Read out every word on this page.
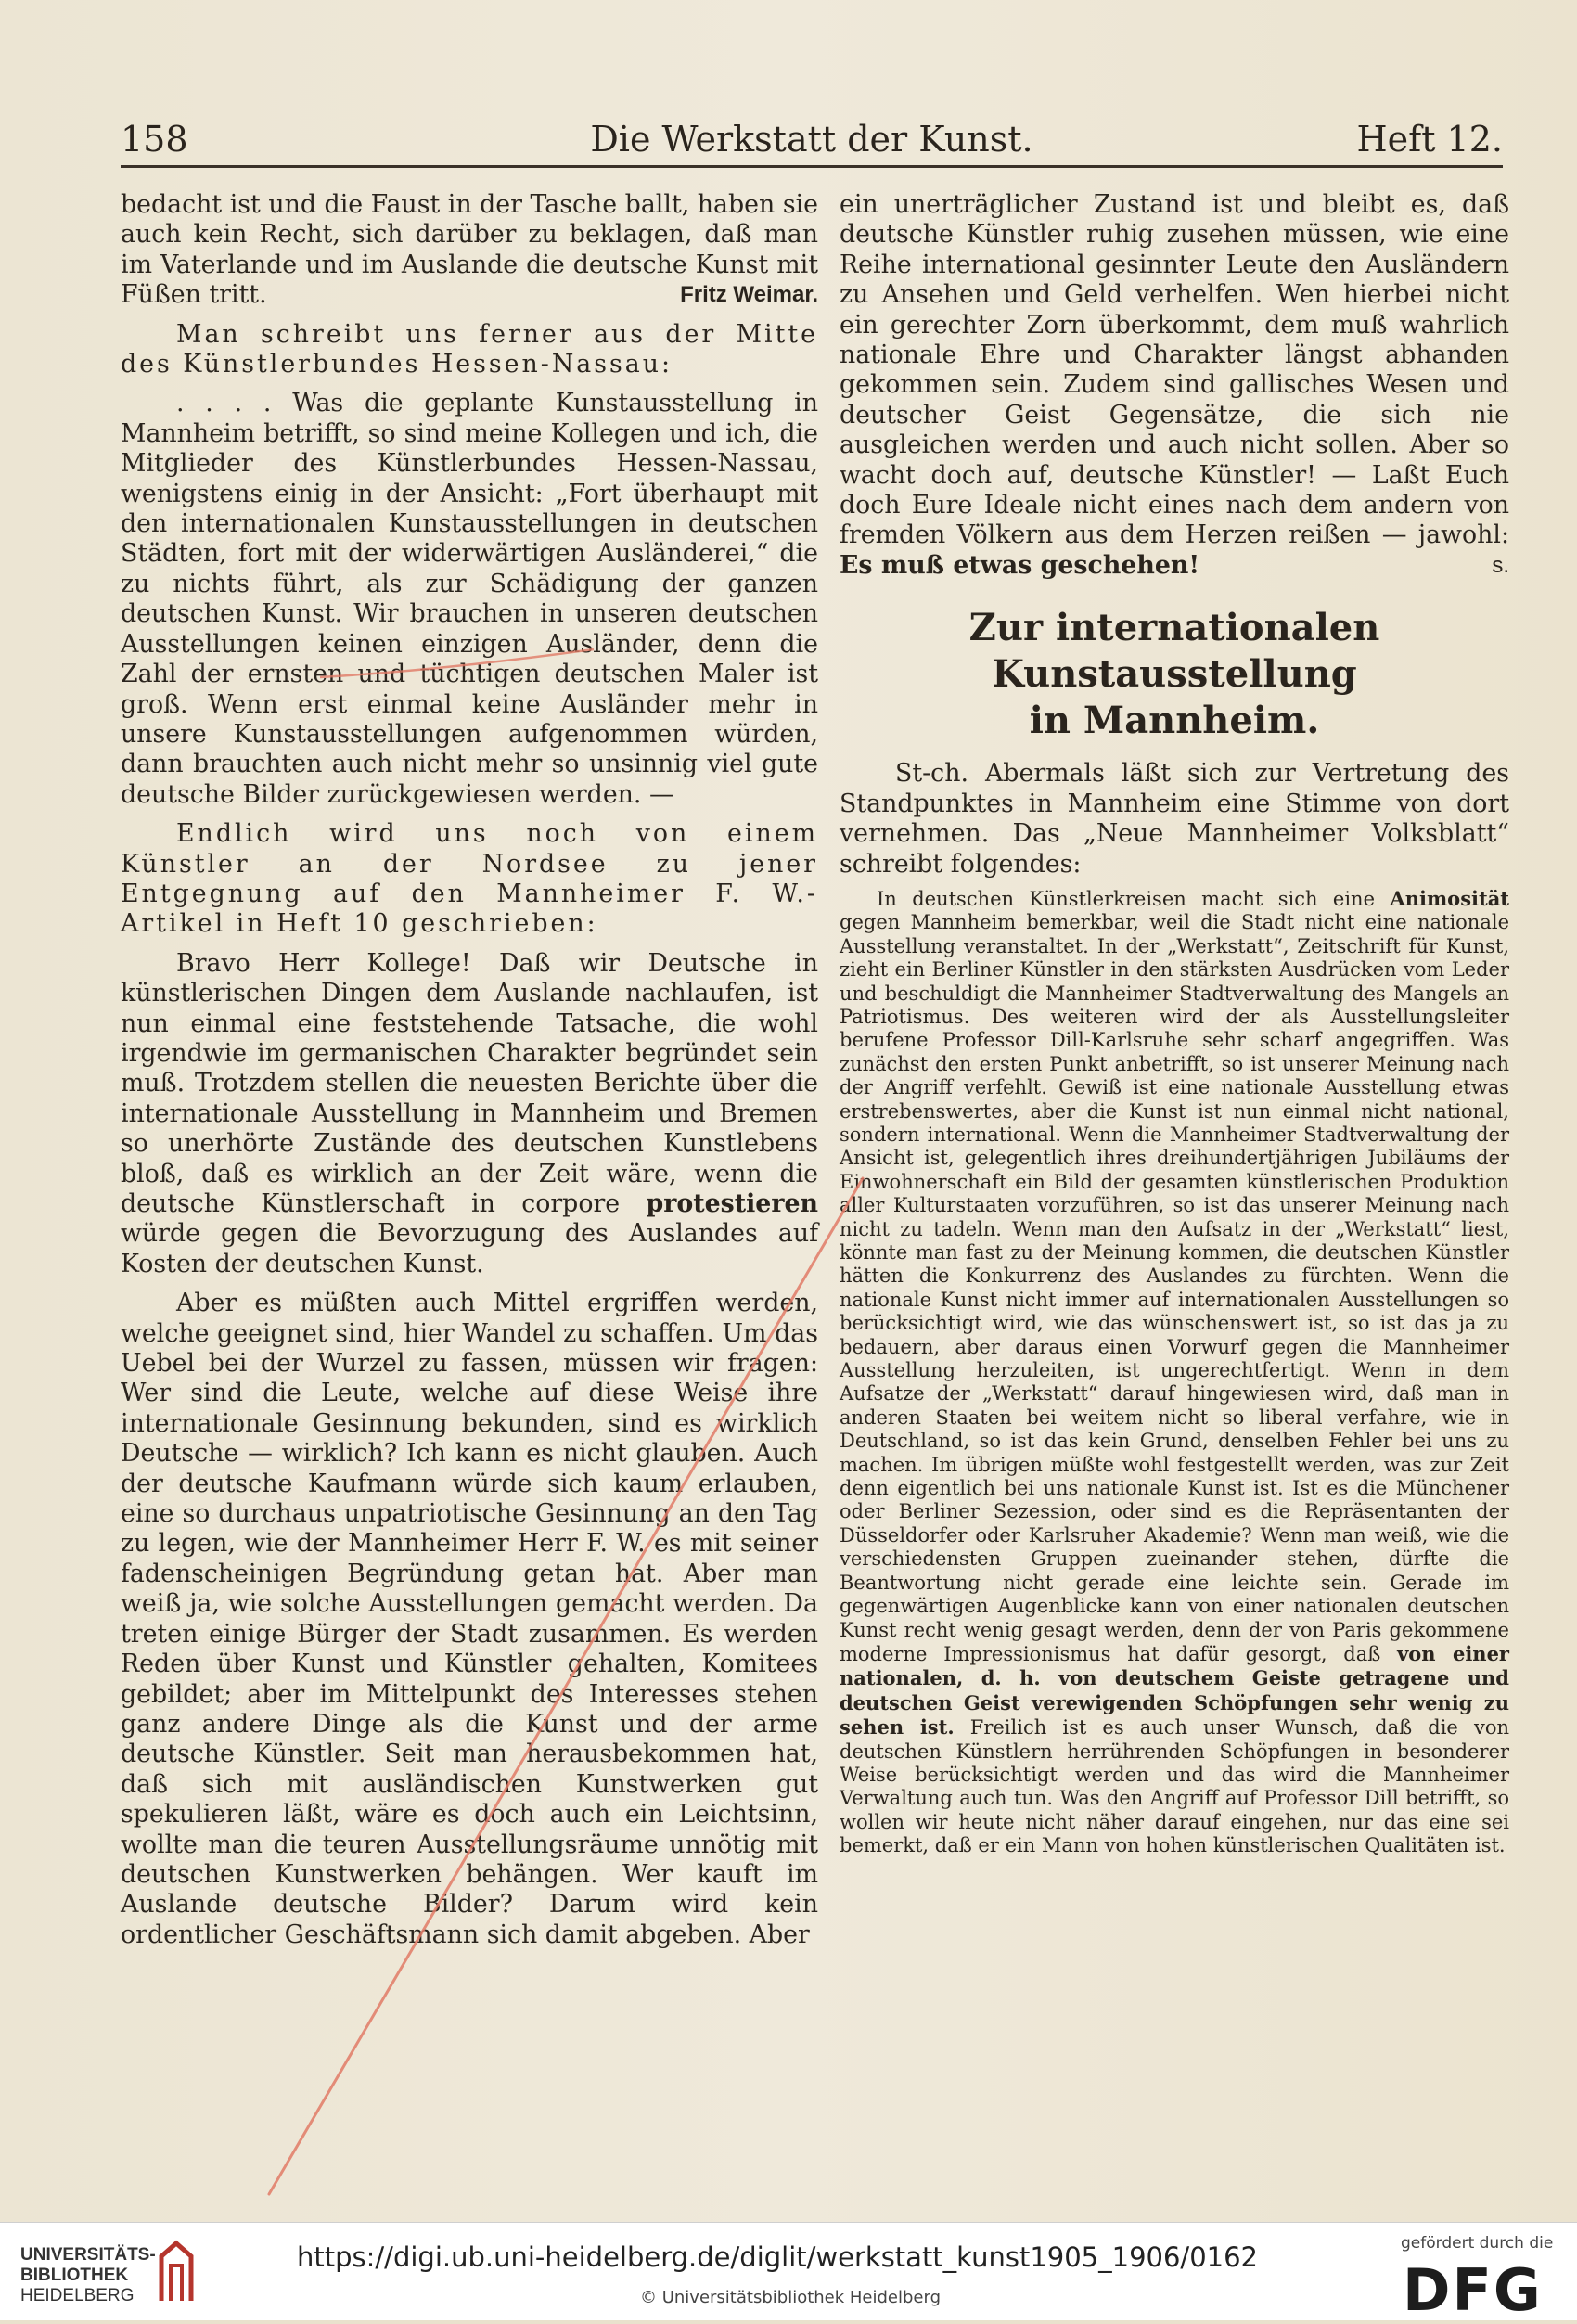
158	Die Werkstatt der Kunst.	Heft 12.

bedacht ist und die Faust in der Tasche ballt, haben sie auch kein Recht, sich darüber zu beklagen, daß man im Vaterlande und im Auslande die deutsche Kunst mit Füßen tritt.	Fritz Weimar.

Man schreibt uns ferner aus der Mitte des Künstlerbundes Hessen-Nassau:

. . . . Was die geplante Kunstausstellung in Mannheim betrifft, so sind meine Kollegen und ich, die Mitglieder des Künstlerbundes Hessen-Nassau, wenigstens einig in der Ansicht: „Fort überhaupt mit den internationalen Kunstausstellungen in deutschen Städten, fort mit der widerwärtigen Ausländerei,“ die zu nichts führt, als zur Schädigung der ganzen deutschen Kunst. Wir brauchen in unseren deutschen Ausstellungen keinen einzigen Ausländer, denn die Zahl der ernsten und tüchtigen deutschen Maler ist groß. Wenn erst einmal keine Ausländer mehr in unsere Kunstausstellungen aufgenommen würden, dann brauchten auch nicht mehr so unsinnig viel gute deutsche Bilder zurückgewiesen werden. —

Endlich wird uns noch von einem Künstler an der Nordsee zu jener Entgegnung auf den Mannheimer F. W.-Artikel in Heft 10 geschrieben:

Bravo Herr Kollege! Daß wir Deutsche in künstlerischen Dingen dem Auslande nachlaufen, ist nun einmal eine feststehende Tatsache, die wohl irgendwie im germanischen Charakter begründet sein muß. Trotzdem stellen die neuesten Berichte über die internationale Ausstellung in Mannheim und Bremen so unerhörte Zustände des deutschen Kunstlebens bloß, daß es wirklich an der Zeit wäre, wenn die deutsche Künstlerschaft in corpore protestieren würde gegen die Bevorzugung des Auslandes auf Kosten der deutschen Kunst.

Aber es müßten auch Mittel ergriffen werden, welche geeignet sind, hier Wandel zu schaffen. Um das Uebel bei der Wurzel zu fassen, müssen wir fragen: Wer sind die Leute, welche auf diese Weise ihre internationale Gesinnung bekunden, sind es wirklich Deutsche — wirklich? Ich kann es nicht glauben. Auch der deutsche Kaufmann würde sich kaum erlauben, eine so durchaus unpatriotische Gesinnung an den Tag zu legen, wie der Mannheimer Herr F. W. es mit seiner fadenscheinigen Begründung getan hat. Aber man weiß ja, wie solche Ausstellungen gemacht werden. Da treten einige Bürger der Stadt zusammen. Es werden Reden über Kunst und Künstler gehalten, Komitees gebildet; aber im Mittelpunkt des Interesses stehen ganz andere Dinge als die Kunst und der arme deutsche Künstler. Seit man herausbekommen hat, daß sich mit ausländischen Kunstwerken gut spekulieren läßt, wäre es doch auch ein Leichtsinn, wollte man die teuren Ausstellungsräume unnötig mit deutschen Kunstwerken behängen. Wer kauft im Auslande deutsche Bilder? Darum wird kein ordentlicher Geschäftsmann sich damit abgeben. Aber

ein unerträglicher Zustand ist und bleibt es, daß deutsche Künstler ruhig zusehen müssen, wie eine Reihe international gesinnter Leute den Ausländern zu Ansehen und Geld verhelfen. Wen hierbei nicht ein gerechter Zorn überkommt, dem muß wahrlich nationale Ehre und Charakter längst abhanden gekommen sein. Zudem sind gallisches Wesen und deutscher Geist Gegensätze, die sich nie ausgleichen werden und auch nicht sollen. Aber so wacht doch auf, deutsche Künstler! — Laßt Euch doch Eure Ideale nicht eines nach dem andern von fremden Völkern aus dem Herzen reißen — jawohl: Es muß etwas geschehen!	s.

Zur internationalen Kunstausstellung
in Mannheim.

St-ch. Abermals läßt sich zur Vertretung des Standpunktes in Mannheim eine Stimme von dort vernehmen. Das „Neue Mannheimer Volksblatt“ schreibt folgendes:

In deutschen Künstlerkreisen macht sich eine Animosität gegen Mannheim bemerkbar, weil die Stadt nicht eine nationale Ausstellung veranstaltet. In der „Werkstatt“, Zeitschrift für Kunst, zieht ein Berliner Künstler in den stärksten Ausdrücken vom Leder und beschuldigt die Mannheimer Stadtverwaltung des Mangels an Patriotismus. Des weiteren wird der als Ausstellungsleiter berufene Professor Dill-Karlsruhe sehr scharf angegriffen. Was zunächst den ersten Punkt anbetrifft, so ist unserer Meinung nach der Angriff verfehlt. Gewiß ist eine nationale Ausstellung etwas erstrebenswertes, aber die Kunst ist nun einmal nicht national, sondern international. Wenn die Mannheimer Stadtverwaltung der Ansicht ist, gelegentlich ihres dreihundertjährigen Jubiläums der Einwohnerschaft ein Bild der gesamten künstlerischen Produktion aller Kulturstaaten vorzuführen, so ist das unserer Meinung nach nicht zu tadeln. Wenn man den Aufsatz in der „Werkstatt“ liest, könnte man fast zu der Meinung kommen, die deutschen Künstler hätten die Konkurrenz des Auslandes zu fürchten. Wenn die nationale Kunst nicht immer auf internationalen Ausstellungen so berücksichtigt wird, wie das wünschenswert ist, so ist das ja zu bedauern, aber daraus einen Vorwurf gegen die Mannheimer Ausstellung herzuleiten, ist ungerechtfertigt. Wenn in dem Aufsatze der „Werkstatt“ darauf hingewiesen wird, daß man in anderen Staaten bei weitem nicht so liberal verfahre, wie in Deutschland, so ist das kein Grund, denselben Fehler bei uns zu machen. Im übrigen müßte wohl festgestellt werden, was zur Zeit denn eigentlich bei uns nationale Kunst ist. Ist es die Münchener oder Berliner Sezession, oder sind es die Repräsentanten der Düsseldorfer oder Karlsruher Akademie? Wenn man weiß, wie die verschiedensten Gruppen zueinander stehen, dürfte die Beantwortung nicht gerade eine leichte sein. Gerade im gegenwärtigen Augenblicke kann von einer nationalen deutschen Kunst recht wenig gesagt werden, denn der von Paris gekommene moderne Impressionismus hat dafür gesorgt, daß von einer nationalen, d. h. von deutschem Geiste getragene und deutschen Geist verewigenden Schöpfungen sehr wenig zu sehen ist. Freilich ist es auch unser Wunsch, daß die von deutschen Künstlern herrührenden Schöpfungen in besonderer Weise berücksichtigt werden und das wird die Mannheimer Verwaltung auch tun. Was den Angriff auf Professor Dill betrifft, so wollen wir heute nicht näher darauf eingehen, nur das eine sei bemerkt, daß er ein Mann von hohen künstlerischen Qualitäten ist.

UNIVERSITÄTS-
BIBLIOTHEK
HEIDELBERG
https://digi.ub.uni-heidelberg.de/diglit/werkstatt_kunst1905_1906/0162
© Universitätsbibliothek Heidelberg
gefördert durch die
DFG
